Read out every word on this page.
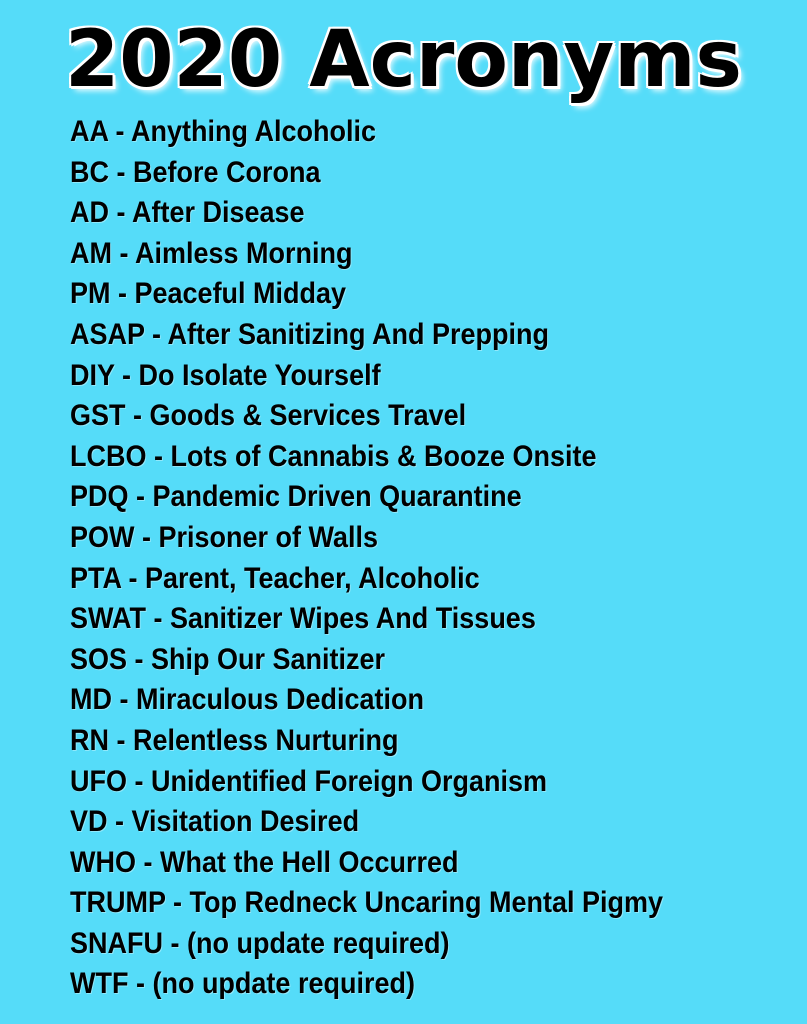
2020 Acronyms
AA - Anything Alcoholic
BC - Before Corona
AD - After Disease
AM - Aimless Morning
PM - Peaceful Midday
ASAP - After Sanitizing And Prepping
DIY - Do Isolate Yourself
GST - Goods & Services Travel
LCBO - Lots of Cannabis & Booze Onsite
PDQ - Pandemic Driven Quarantine
POW - Prisoner of Walls
PTA - Parent, Teacher, Alcoholic
SWAT - Sanitizer Wipes And Tissues
SOS - Ship Our Sanitizer
MD - Miraculous Dedication
RN - Relentless Nurturing
UFO - Unidentified Foreign Organism
VD - Visitation Desired
WHO - What the Hell Occurred
TRUMP - Top Redneck Uncaring Mental Pigmy
SNAFU - (no update required)
WTF - (no update required)
